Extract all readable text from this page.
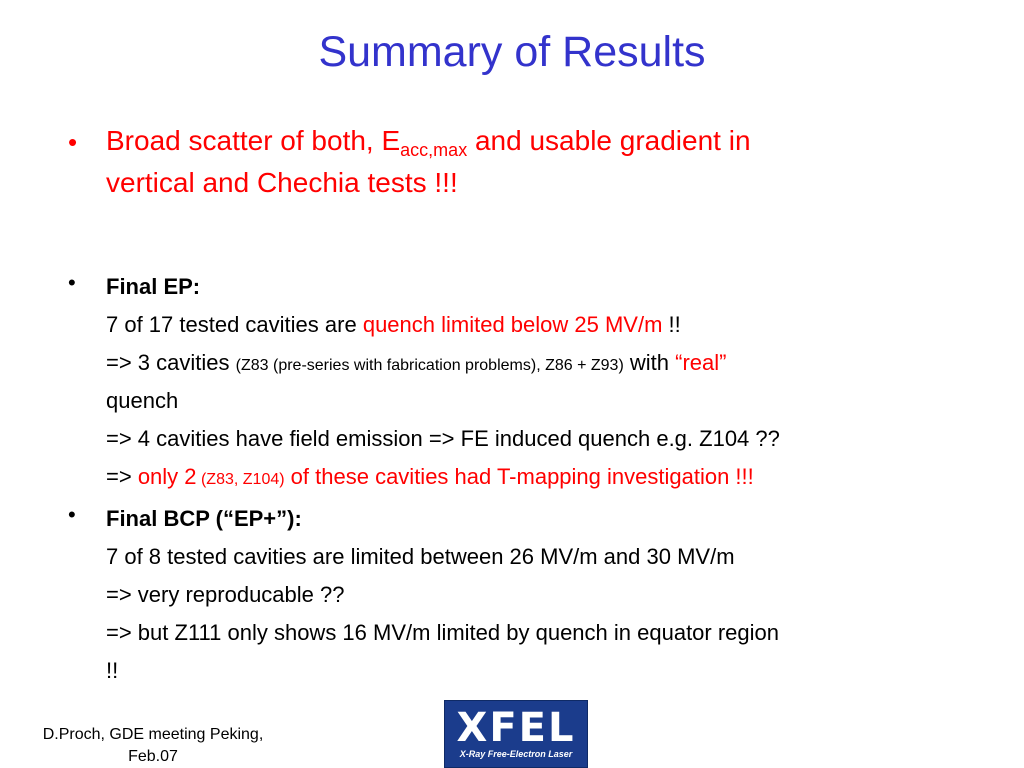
Summary of Results
• Broad scatter of both, $E_{acc,max}$ and usable gradient in
vertical and Chechia tests !!!
• Final EP:
7 of 17 tested cavities are quench limited below 25 MV/m !!
=> 3 cavities (Z83 (pre-series with fabrication problems), Z86 + Z93) with “real”
quench
=> 4 cavities have field emission => FE induced quench e.g. Z104 ??
=> only 2 (Z83, Z104) of these cavities had T-mapping investigation !!!
• Final BCP (“EP+”):
7 of 8 tested cavities are limited between 26 MV/m and 30 MV/m
=> very reproducable ??
=> but Z111 only shows 16 MV/m limited by quench in equator region
!!
D.Proch, GDE meeting Peking,
Feb.07
XFEL
X-Ray Free-Electron Laser
